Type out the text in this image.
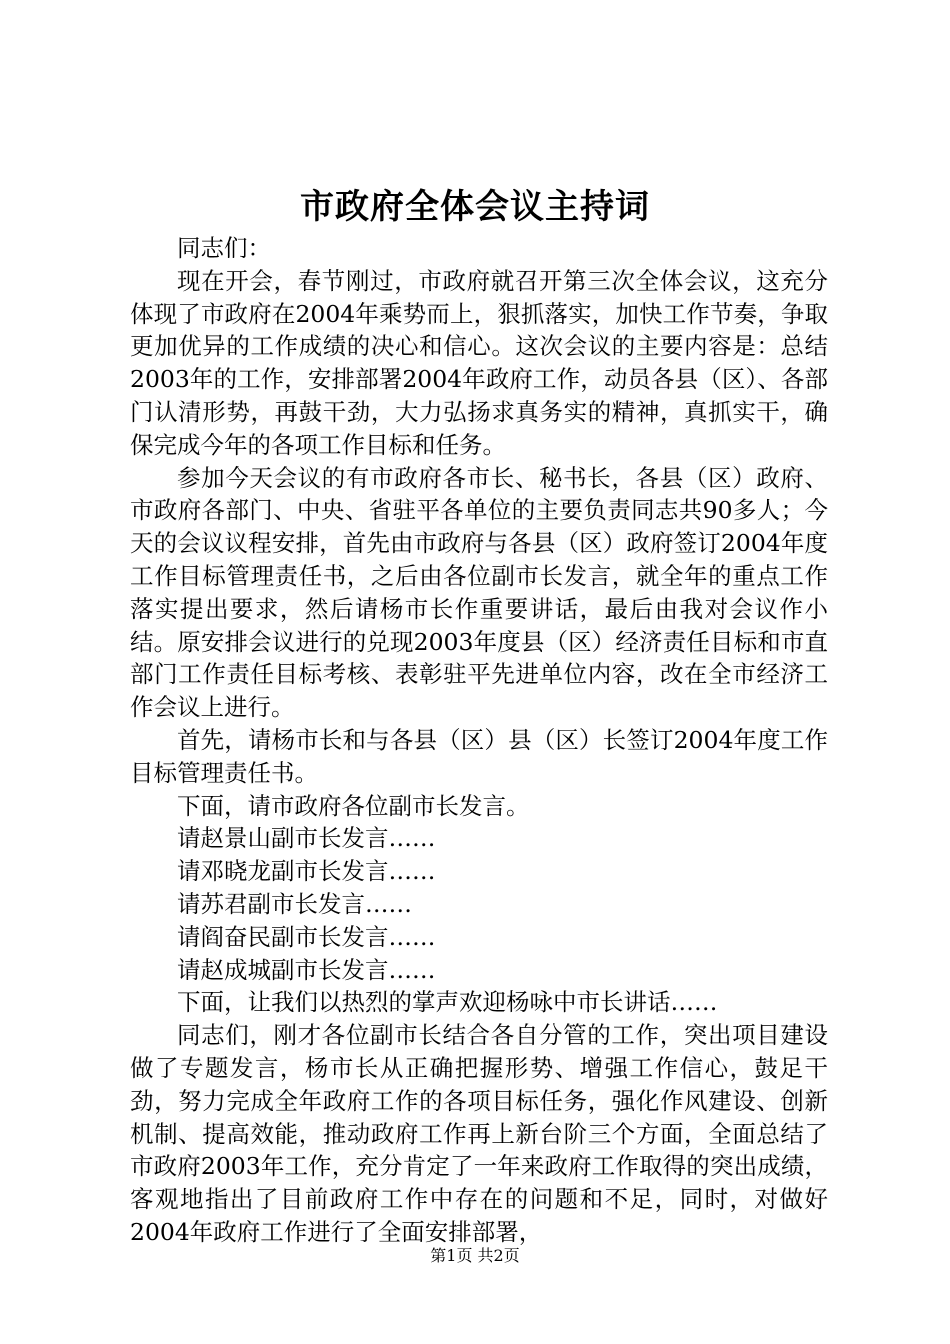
市政府全体会议主持词

同志们：

现在开会，春节刚过，市政府就召开第三次全体会议，这充分体现了市政府在2004年乘势而上，狠抓落实，加快工作节奏，争取更加优异的工作成绩的决心和信心。这次会议的主要内容是：总结2003年的工作，安排部署2004年政府工作，动员各县（区）、各部门认清形势，再鼓干劲，大力弘扬求真务实的精神，真抓实干，确保完成今年的各项工作目标和任务。

参加今天会议的有市政府各市长、秘书长，各县（区）政府、市政府各部门、中央、省驻平各单位的主要负责同志共90多人；今天的会议议程安排，首先由市政府与各县（区）政府签订2004年度工作目标管理责任书，之后由各位副市长发言，就全年的重点工作落实提出要求，然后请杨市长作重要讲话，最后由我对会议作小结。原安排会议进行的兑现2003年度县（区）经济责任目标和市直部门工作责任目标考核、表彰驻平先进单位内容，改在全市经济工作会议上进行。

首先，请杨市长和与各县（区）县（区）长签订2004年度工作目标管理责任书。

下面，请市政府各位副市长发言。

请赵景山副市长发言……

请邓晓龙副市长发言……

请苏君副市长发言……

请阎奋民副市长发言……

请赵成城副市长发言……

下面，让我们以热烈的掌声欢迎杨咏中市长讲话……

同志们，刚才各位副市长结合各自分管的工作，突出项目建设做了专题发言，杨市长从正确把握形势、增强工作信心，鼓足干劲，努力完成全年政府工作的各项目标任务，强化作风建设、创新机制、提高效能，推动政府工作再上新台阶三个方面，全面总结了市政府2003年工作，充分肯定了一年来政府工作取得的突出成绩，客观地指出了目前政府工作中存在的问题和不足，同时，对做好2004年政府工作进行了全面安排部署，

第1页 共2页
